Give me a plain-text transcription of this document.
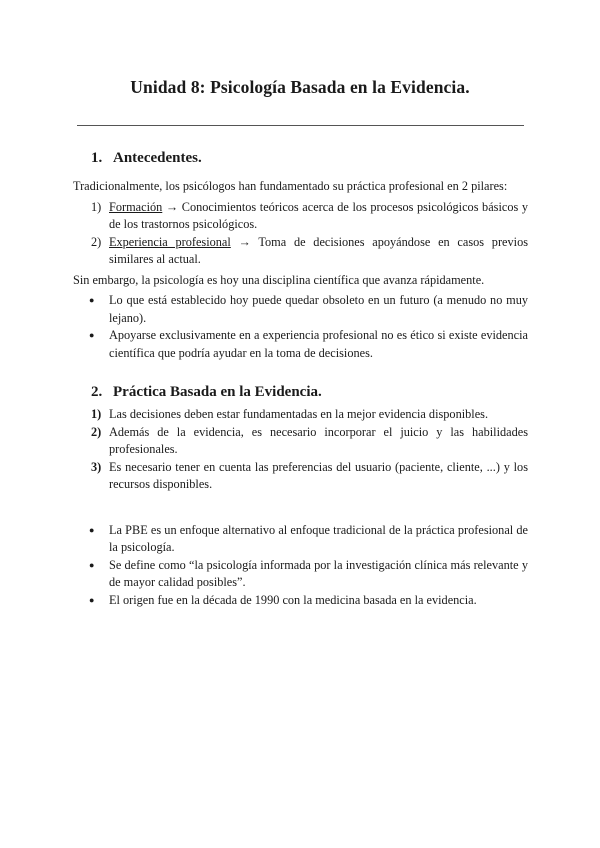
Unidad 8: Psicología Basada en la Evidencia.
1. Antecedentes.

Tradicionalmente, los psicólogos han fundamentado su práctica profesional en 2 pilares:

1) Formación → Conocimientos teóricos acerca de los procesos psicológicos básicos y de los trastornos psicológicos.
2) Experiencia profesional → Toma de decisiones apoyándose en casos previos similares al actual.

Sin embargo, la psicología es hoy una disciplina científica que avanza rápidamente.

● Lo que está establecido hoy puede quedar obsoleto en un futuro (a menudo no muy lejano).
● Apoyarse exclusivamente en a experiencia profesional no es ético si existe evidencia científica que podría ayudar en la toma de decisiones.
2. Práctica Basada en la Evidencia.
1) Las decisiones deben estar fundamentadas en la mejor evidencia disponibles.
2) Además de la evidencia, es necesario incorporar el juicio y las habilidades profesionales.
3) Es necesario tener en cuenta las preferencias del usuario (paciente, cliente, ...) y los recursos disponibles.
● La PBE es un enfoque alternativo al enfoque tradicional de la práctica profesional de la psicología.
● Se define como “la psicología informada por la investigación clínica más relevante y de mayor calidad posibles”.
● El origen fue en la década de 1990 con la medicina basada en la evidencia.
